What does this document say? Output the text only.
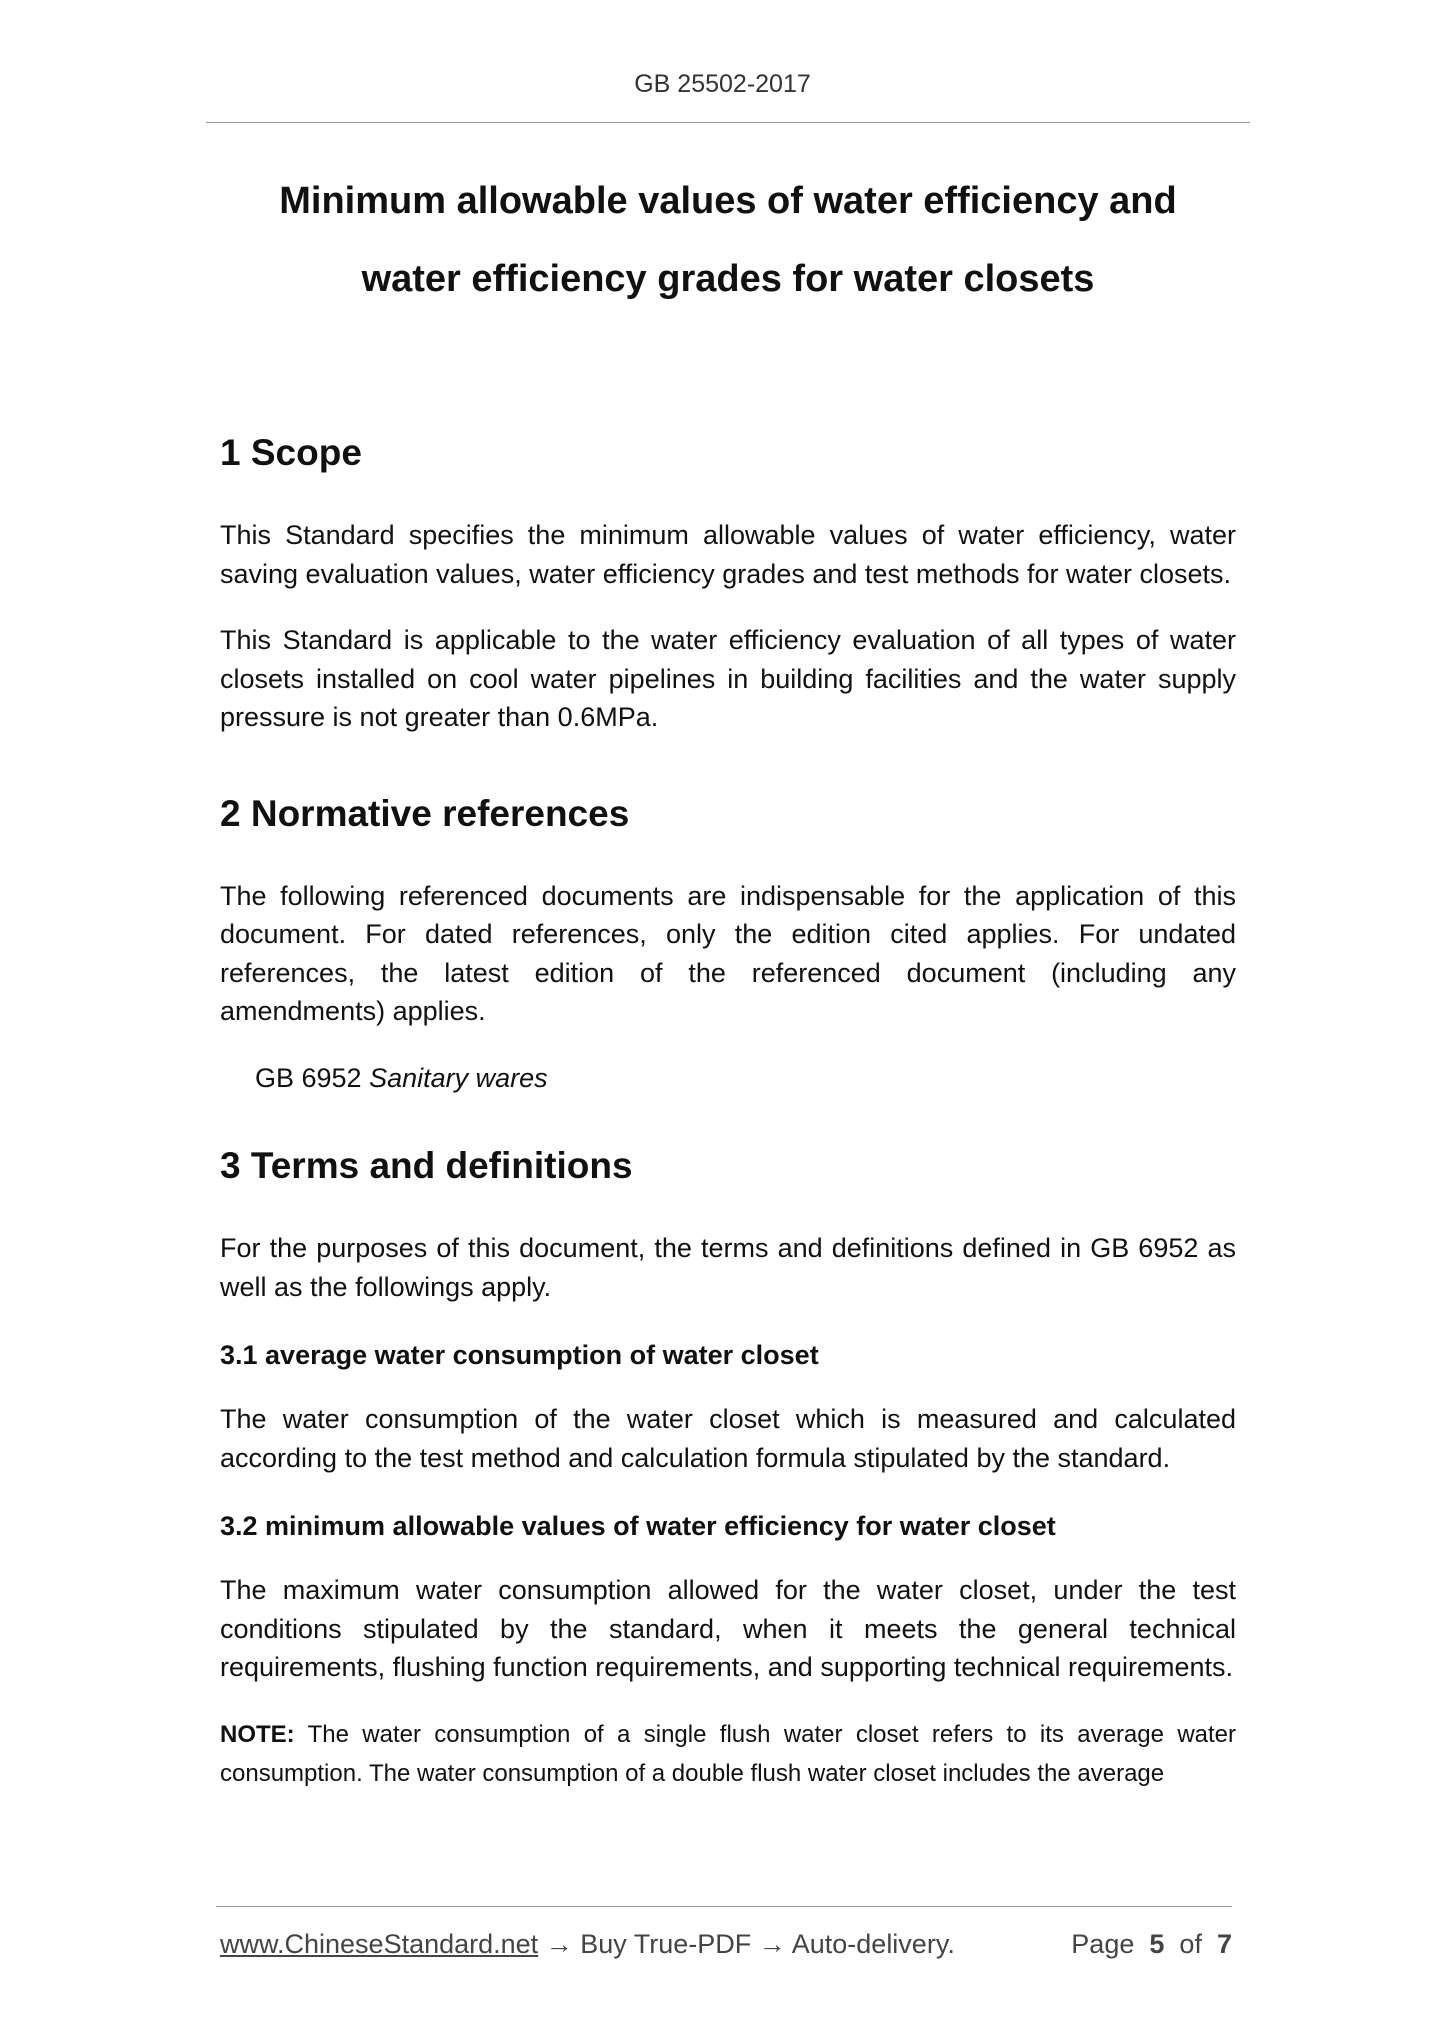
GB 25502-2017
Minimum allowable values of water efficiency and
water efficiency grades for water closets
1 Scope

This Standard specifies the minimum allowable values of water efficiency, water saving evaluation values, water efficiency grades and test methods for water closets.

This Standard is applicable to the water efficiency evaluation of all types of water closets installed on cool water pipelines in building facilities and the water supply pressure is not greater than 0.6MPa.

2 Normative references

The following referenced documents are indispensable for the application of this document. For dated references, only the edition cited applies. For undated references, the latest edition of the referenced document (including any amendments) applies.

GB 6952 Sanitary wares

3 Terms and definitions

For the purposes of this document, the terms and definitions defined in GB 6952 as well as the followings apply.

3.1 average water consumption of water closet

The water consumption of the water closet which is measured and calculated according to the test method and calculation formula stipulated by the standard.

3.2 minimum allowable values of water efficiency for water closet

The maximum water consumption allowed for the water closet, under the test conditions stipulated by the standard, when it meets the general technical requirements, flushing function requirements, and supporting technical requirements.

NOTE: The water consumption of a single flush water closet refers to its average water consumption. The water consumption of a double flush water closet includes the average

www.ChineseStandard.net → Buy True-PDF → Auto-delivery.	Page 5 of 7
